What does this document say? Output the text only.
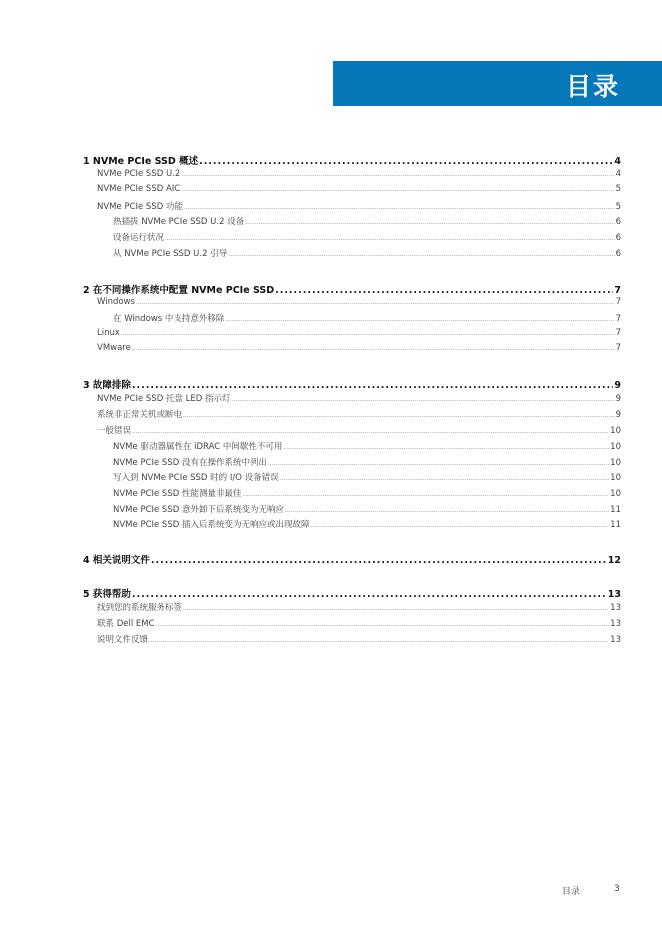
目录
1 NVMe PCIe SSD 概述 .....	4
NVMe PCIe SSD U.2 .....	4
NVMe PCIe SSD AIC .....	5
NVMe PCIe SSD 功能 .....	5
热插拔 NVMe PCIe SSD U.2 设备 .....	6
设备运行状况 .....	6
从 NVMe PCIe SSD U.2 引导 .....	6
2 在不同操作系统中配置 NVMe PCIe SSD .....	7
Windows .....	7
在 Windows 中支持意外移除 .....	7
Linux .....	7
VMware .....	7
3 故障排除 .....	9
NVMe PCIe SSD 托盘 LED 指示灯 .....	9
系统非正常关机或断电 .....	9
一般错误 .....	10
NVMe 驱动器属性在 iDRAC 中间歇性不可用 .....	10
NVMe PCIe SSD 没有在操作系统中列出 .....	10
写入到 NVMe PCIe SSD 时的 I/O 设备错误 .....	10
NVMe PCIe SSD 性能测量非最佳 .....	10
NVMe PCIe SSD 意外卸下后系统变为无响应 .....	11
NVMe PCIe SSD 插入后系统变为无响应或出现故障 .....	11
4 相关说明文件 .....	12
5 获得帮助 .....	13
找到您的系统服务标签 .....	13
联系 Dell EMC .....	13
说明文件反馈 .....	13
目录	3
